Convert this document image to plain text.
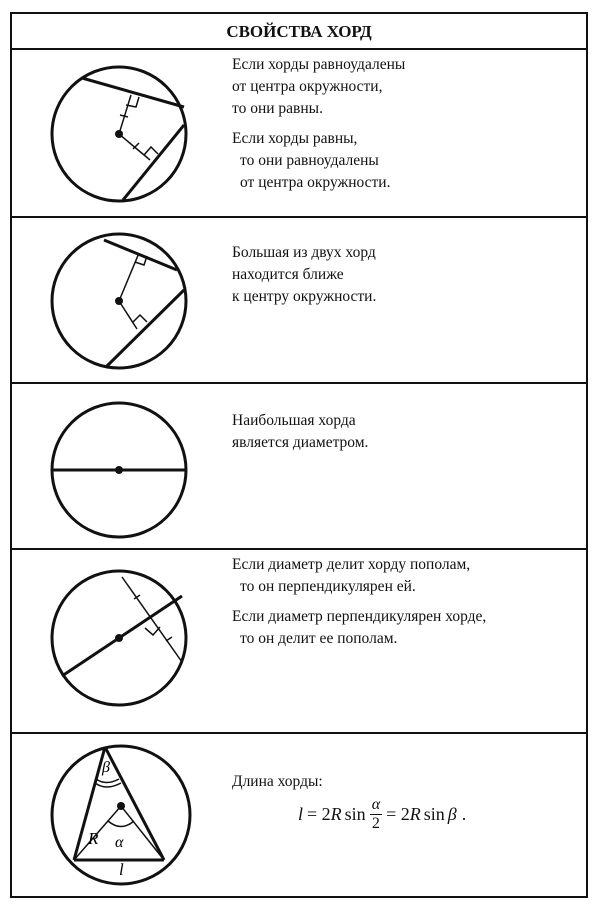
СВОЙСТВА ХОРД

Если хорды равноудалены

от центра окружности,

то они равны.

Если хорды равны,

то они равноудалены

от центра окружности.

Большая из двух хорд

находится ближе

к центру окружности.

Наибольшая хорда

является диаметром.

Если диаметр делит хорду пополам,

то он перпендикулярен ей.

Если диаметр перпендикулярен хорде,

то он делит ее пополам.

β
α
R
l

Длина хорды:

l = 2 R $\sin \frac{\alpha}{2} = 2$ R sin β .
